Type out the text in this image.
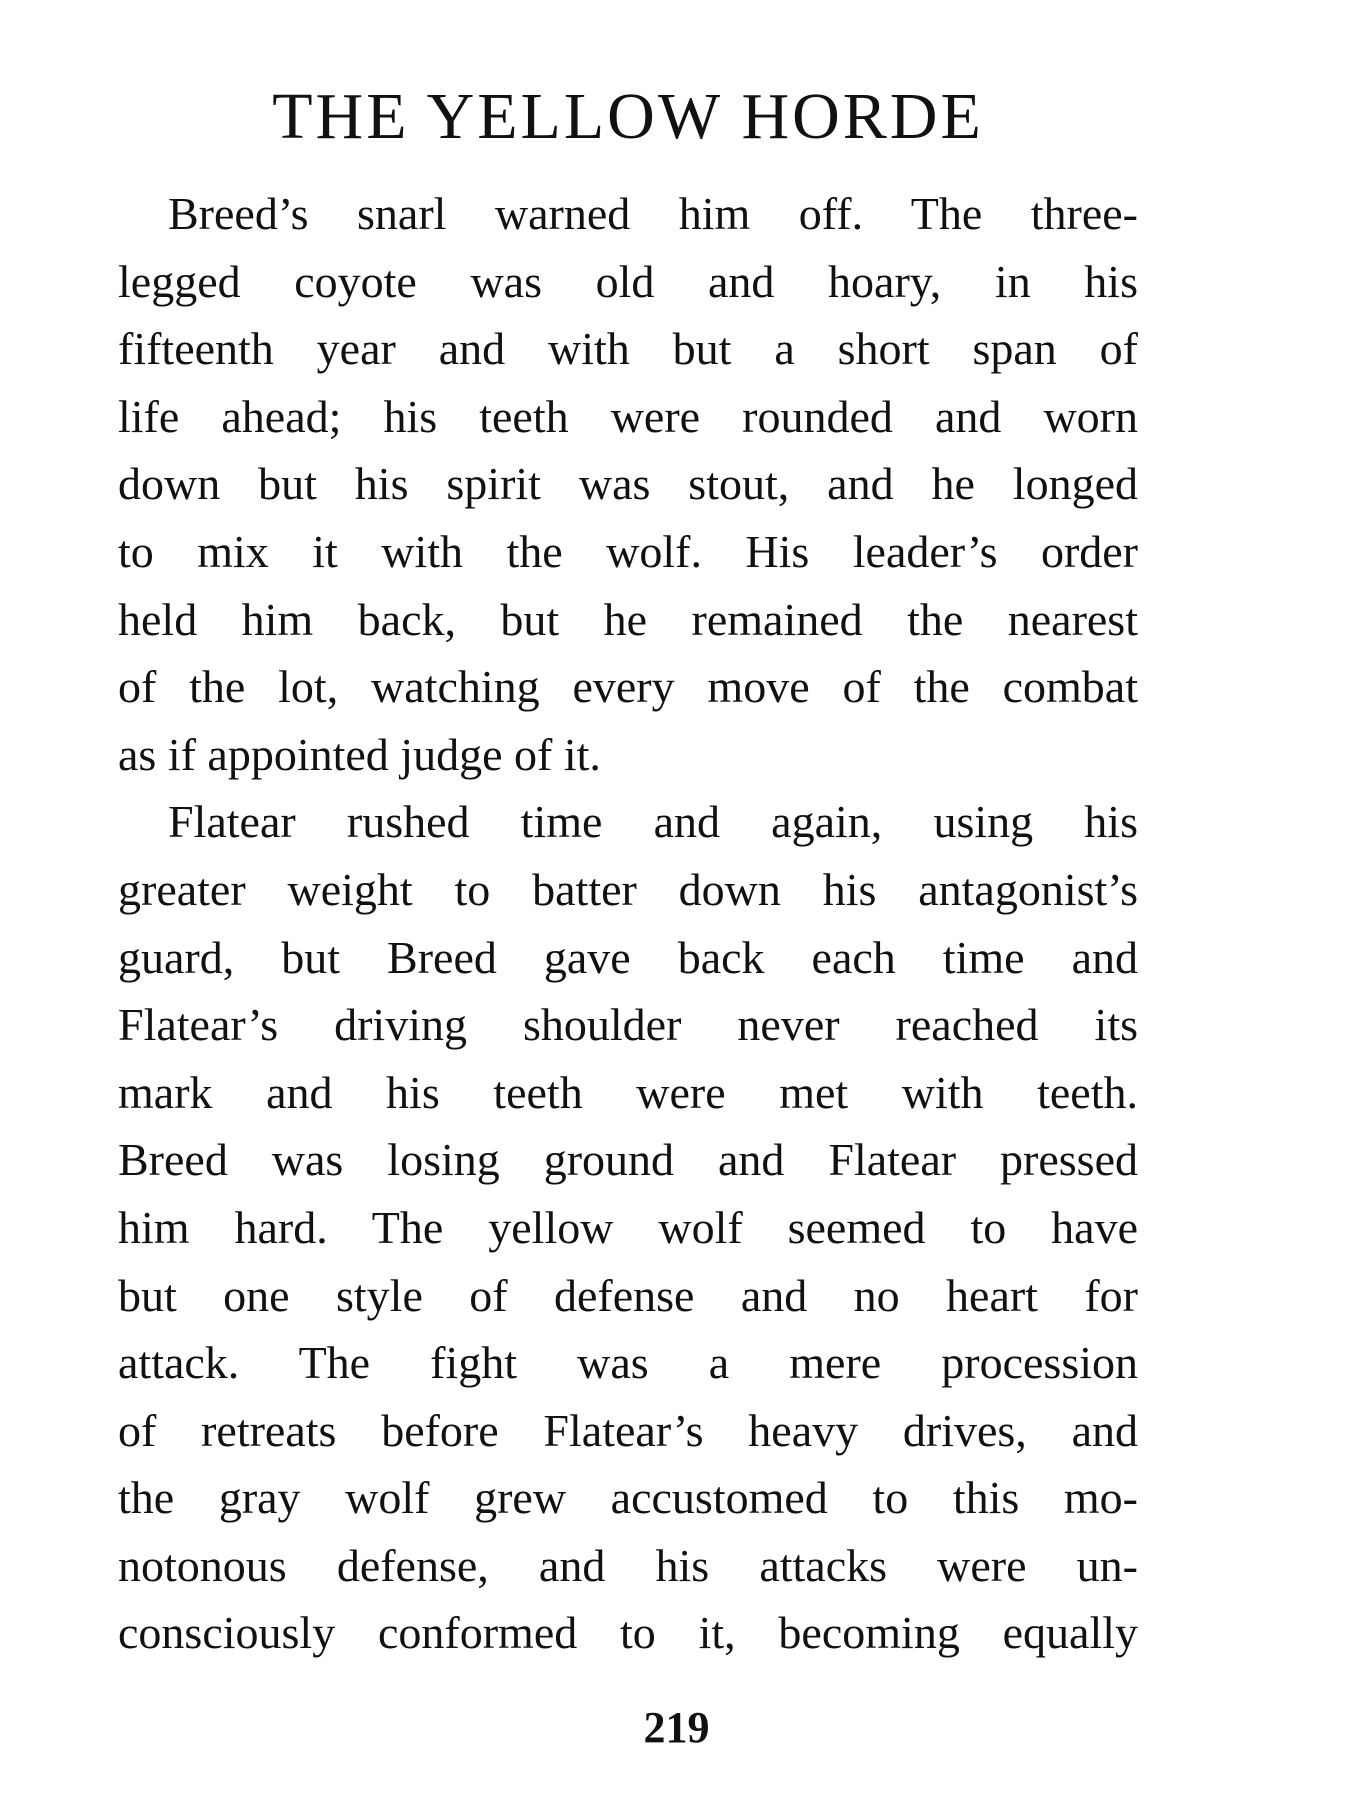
THE YELLOW HORDE
Breed’s snarl warned him off. The three-
legged coyote was old and hoary, in his
fifteenth year and with but a short span of
life ahead; his teeth were rounded and worn
down but his spirit was stout, and he longed
to mix it with the wolf. His leader’s order
held him back, but he remained the nearest
of the lot, watching every move of the combat
as if appointed judge of it.
Flatear rushed time and again, using his
greater weight to batter down his antagonist’s
guard, but Breed gave back each time and
Flatear’s driving shoulder never reached its
mark and his teeth were met with teeth.
Breed was losing ground and Flatear pressed
him hard. The yellow wolf seemed to have
but one style of defense and no heart for
attack. The fight was a mere procession
of retreats before Flatear’s heavy drives, and
the gray wolf grew accustomed to this mo-
notonous defense, and his attacks were un-
consciously conformed to it, becoming equally
219
